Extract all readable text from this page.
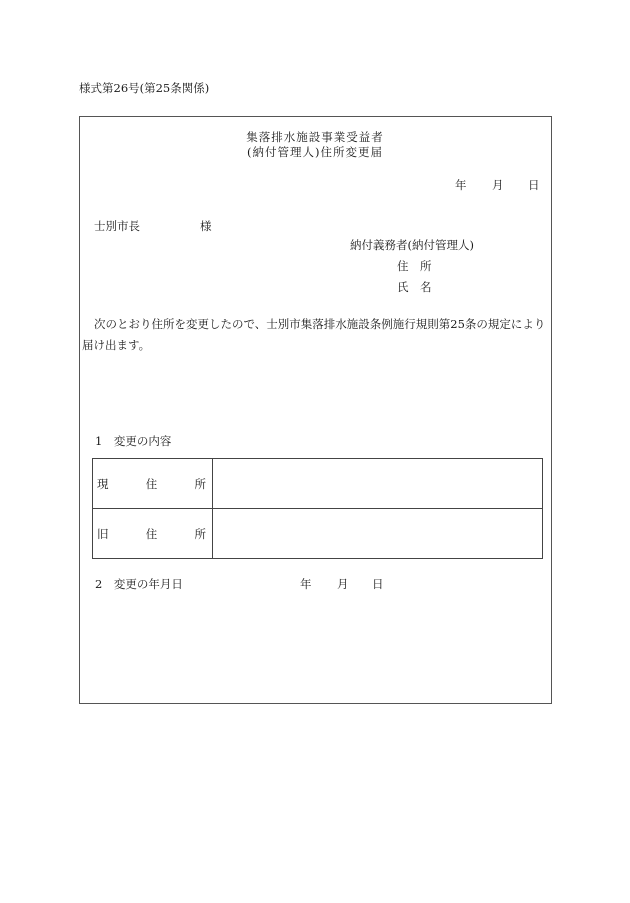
様式第26号(第25条関係)
集落排水施設事業受益者
(納付管理人)住所変更届
年 月 日
士別市長	様
納付義務者(納付管理人)
住　所
氏　名
次のとおり住所を変更したので、士別市集落排水施設条例施行規則第25条の規定により届け出ます。
1　変更の内容
現 住 所	

旧 住 所	

2　変更の年月日	年 月 日
